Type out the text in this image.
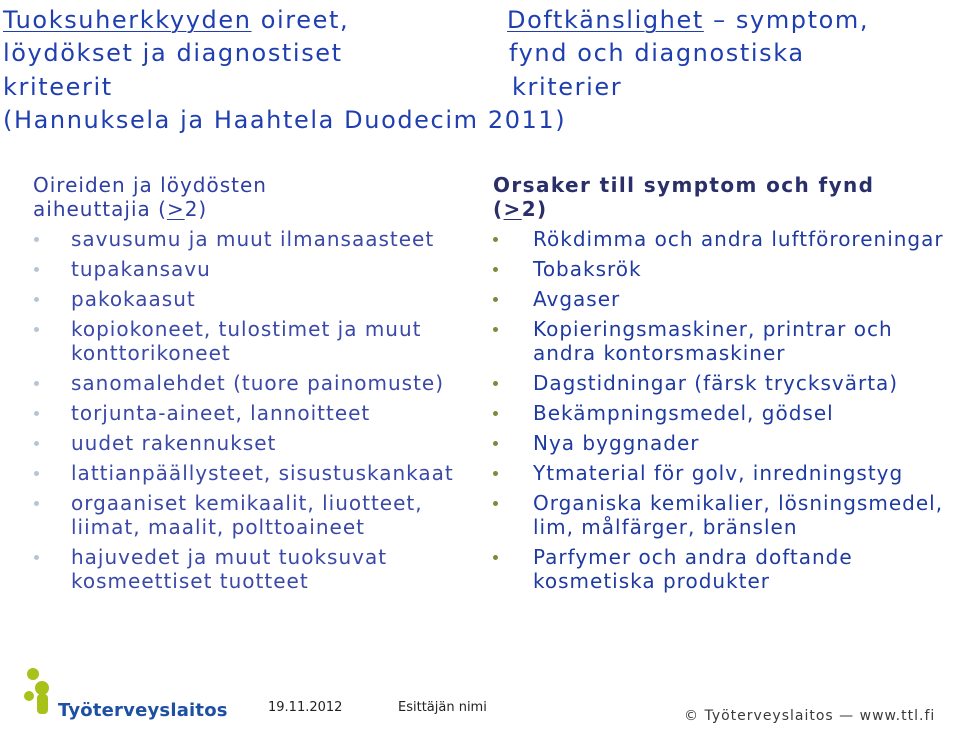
Tuoksuherkkyyden oireet,
löydökset ja diagnostiset
kriteerit
(Hannuksela ja Haahtela Duodecim 2011)
Doftkänslighet – symptom,
fynd och diagnostiska
kriterier
Oireiden ja löydösten
aiheuttajia (>2)
savusumu ja muut ilmansaasteet
tupakansavu
pakokaasut
kopiokoneet, tulostimet ja muut konttorikoneet
sanomalehdet (tuore painomuste)
torjunta-aineet, lannoitteet
uudet rakennukset
lattianpäällysteet, sisustuskankaat
orgaaniset kemikaalit, liuotteet, liimat, maalit, polttoaineet
hajuvedet ja muut tuoksuvat kosmeettiset tuotteet
Orsaker till symptom och fynd
(>2)
Rökdimma och andra luftföroreningar
Tobaksrök
Avgaser
Kopieringsmaskiner, printrar och andra kontorsmaskiner
Dagstidningar (färsk trycksvärta)
Bekämpningsmedel, gödsel
Nya byggnader
Ytmaterial för golv, inredningstyg
Organiska kemikalier, lösningsmedel, lim, målfärger, bränslen
Parfymer och andra doftande kosmetiska produkter
Työterveyslaitos	19.11.2012	Esittäjän nimi
© Työterveyslaitos — www.ttl.fi
